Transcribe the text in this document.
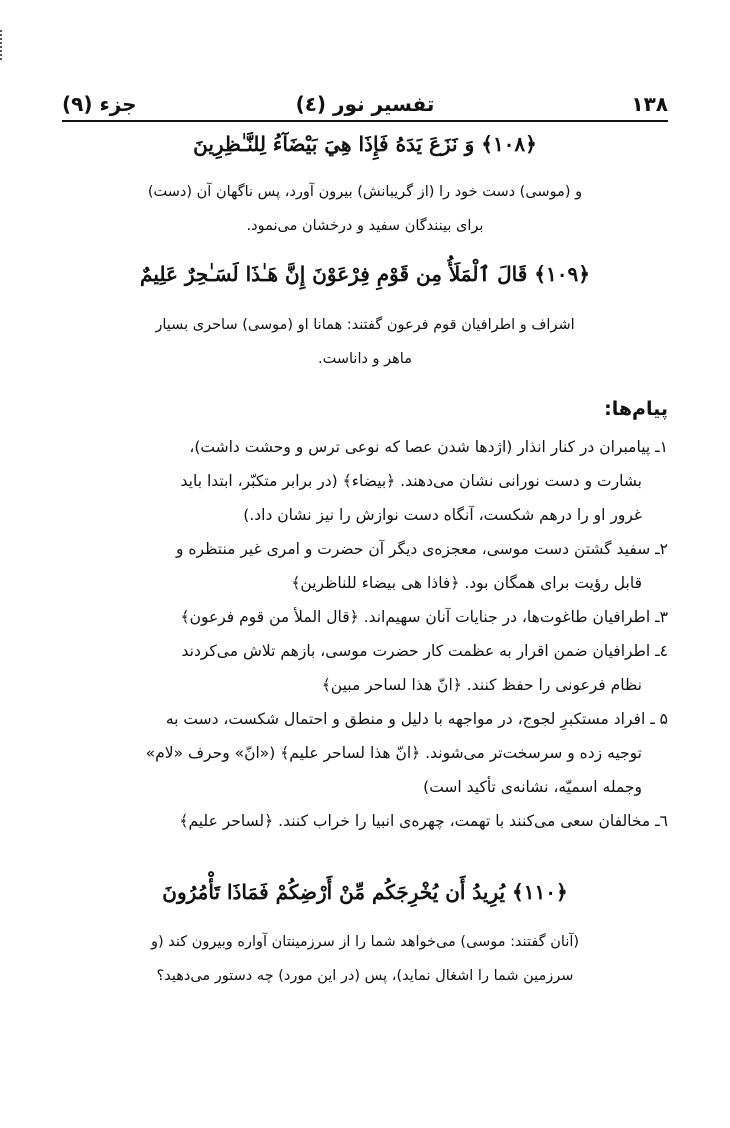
جزء (۹)	تفسیر نور (٤)	۱۳۸
﴿۱۰۸﴾ وَ نَزَعَ يَدَهُ فَإِذَا هِيَ بَيْضَآءُ لِلنَّـٰظِرِينَ
و (موسی) دست خود را (از گریبانش) بیرون آورد، پس ناگهان آن (دست)
برای بینندگان سفید و درخشان می‌نمود.
﴿۱۰۹﴾ قَالَ ٱلْمَلَأُ مِن قَوْمِ فِرْعَوْنَ إِنَّ هَـٰذَا لَسَـٰحِرٌ عَلِيمٌ
اشراف و اطرافیان قوم فرعون گفتند: همانا او (موسی) ساحری بسیار
ماهر و داناست.
پیام‌ها:

۱ـ پیامبران در کنار انذار (اژدها شدن عصا که نوعی ترس و وحشت داشت)،
بشارت و دست نورانی نشان می‌دهند. ﴿بیضاء﴾ (در برابر متکبّر، ابتدا باید
غرور او را درهم شکست، آنگاه دست نوازش را نیز نشان داد.)

۲ـ سفید گشتن دست موسی، معجزه‌ی دیگر آن حضرت و امری غیر منتظره و
قابل رؤیت برای همگان بود. ﴿فاذا هی بیضاء للناظرین﴾

۳ـ اطرافیان طاغوت‌ها، در جنایات آنان سهیم‌اند. ﴿قال الملأ من قوم فرعون﴾

٤ـ اطرافیان ضمن اقرار به عظمت کار حضرت موسی، بازهم تلاش می‌کردند
نظام فرعونی را حفظ کنند. ﴿انّ هذا لساحر مبین﴾

۵ ـ افراد مستکبرِ لجوج، در مواجهه با دلیل و منطق و احتمال شکست، دست به
توجیه زده و سرسخت‌تر می‌شوند. ﴿انّ هذا لساحر علیم﴾ («انّ» وحرف «لام»
وجمله اسمیّه، نشانه‌ی تأکید است)

٦ـ مخالفان سعی می‌کنند با تهمت، چهره‌ی انبیا را خراب کنند. ﴿لساحر علیم﴾

﴿۱۱۰﴾ يُرِيدُ أَن يُخْرِجَكُم مِّنْ أَرْضِكُمْ فَمَاذَا تَأْمُرُونَ
(آنان گفتند: موسی) می‌خواهد شما را از سرزمینتان آواره وبیرون کند (و
سرزمین شما را اشغال نماید)، پس (در این مورد) چه دستور می‌دهید؟
